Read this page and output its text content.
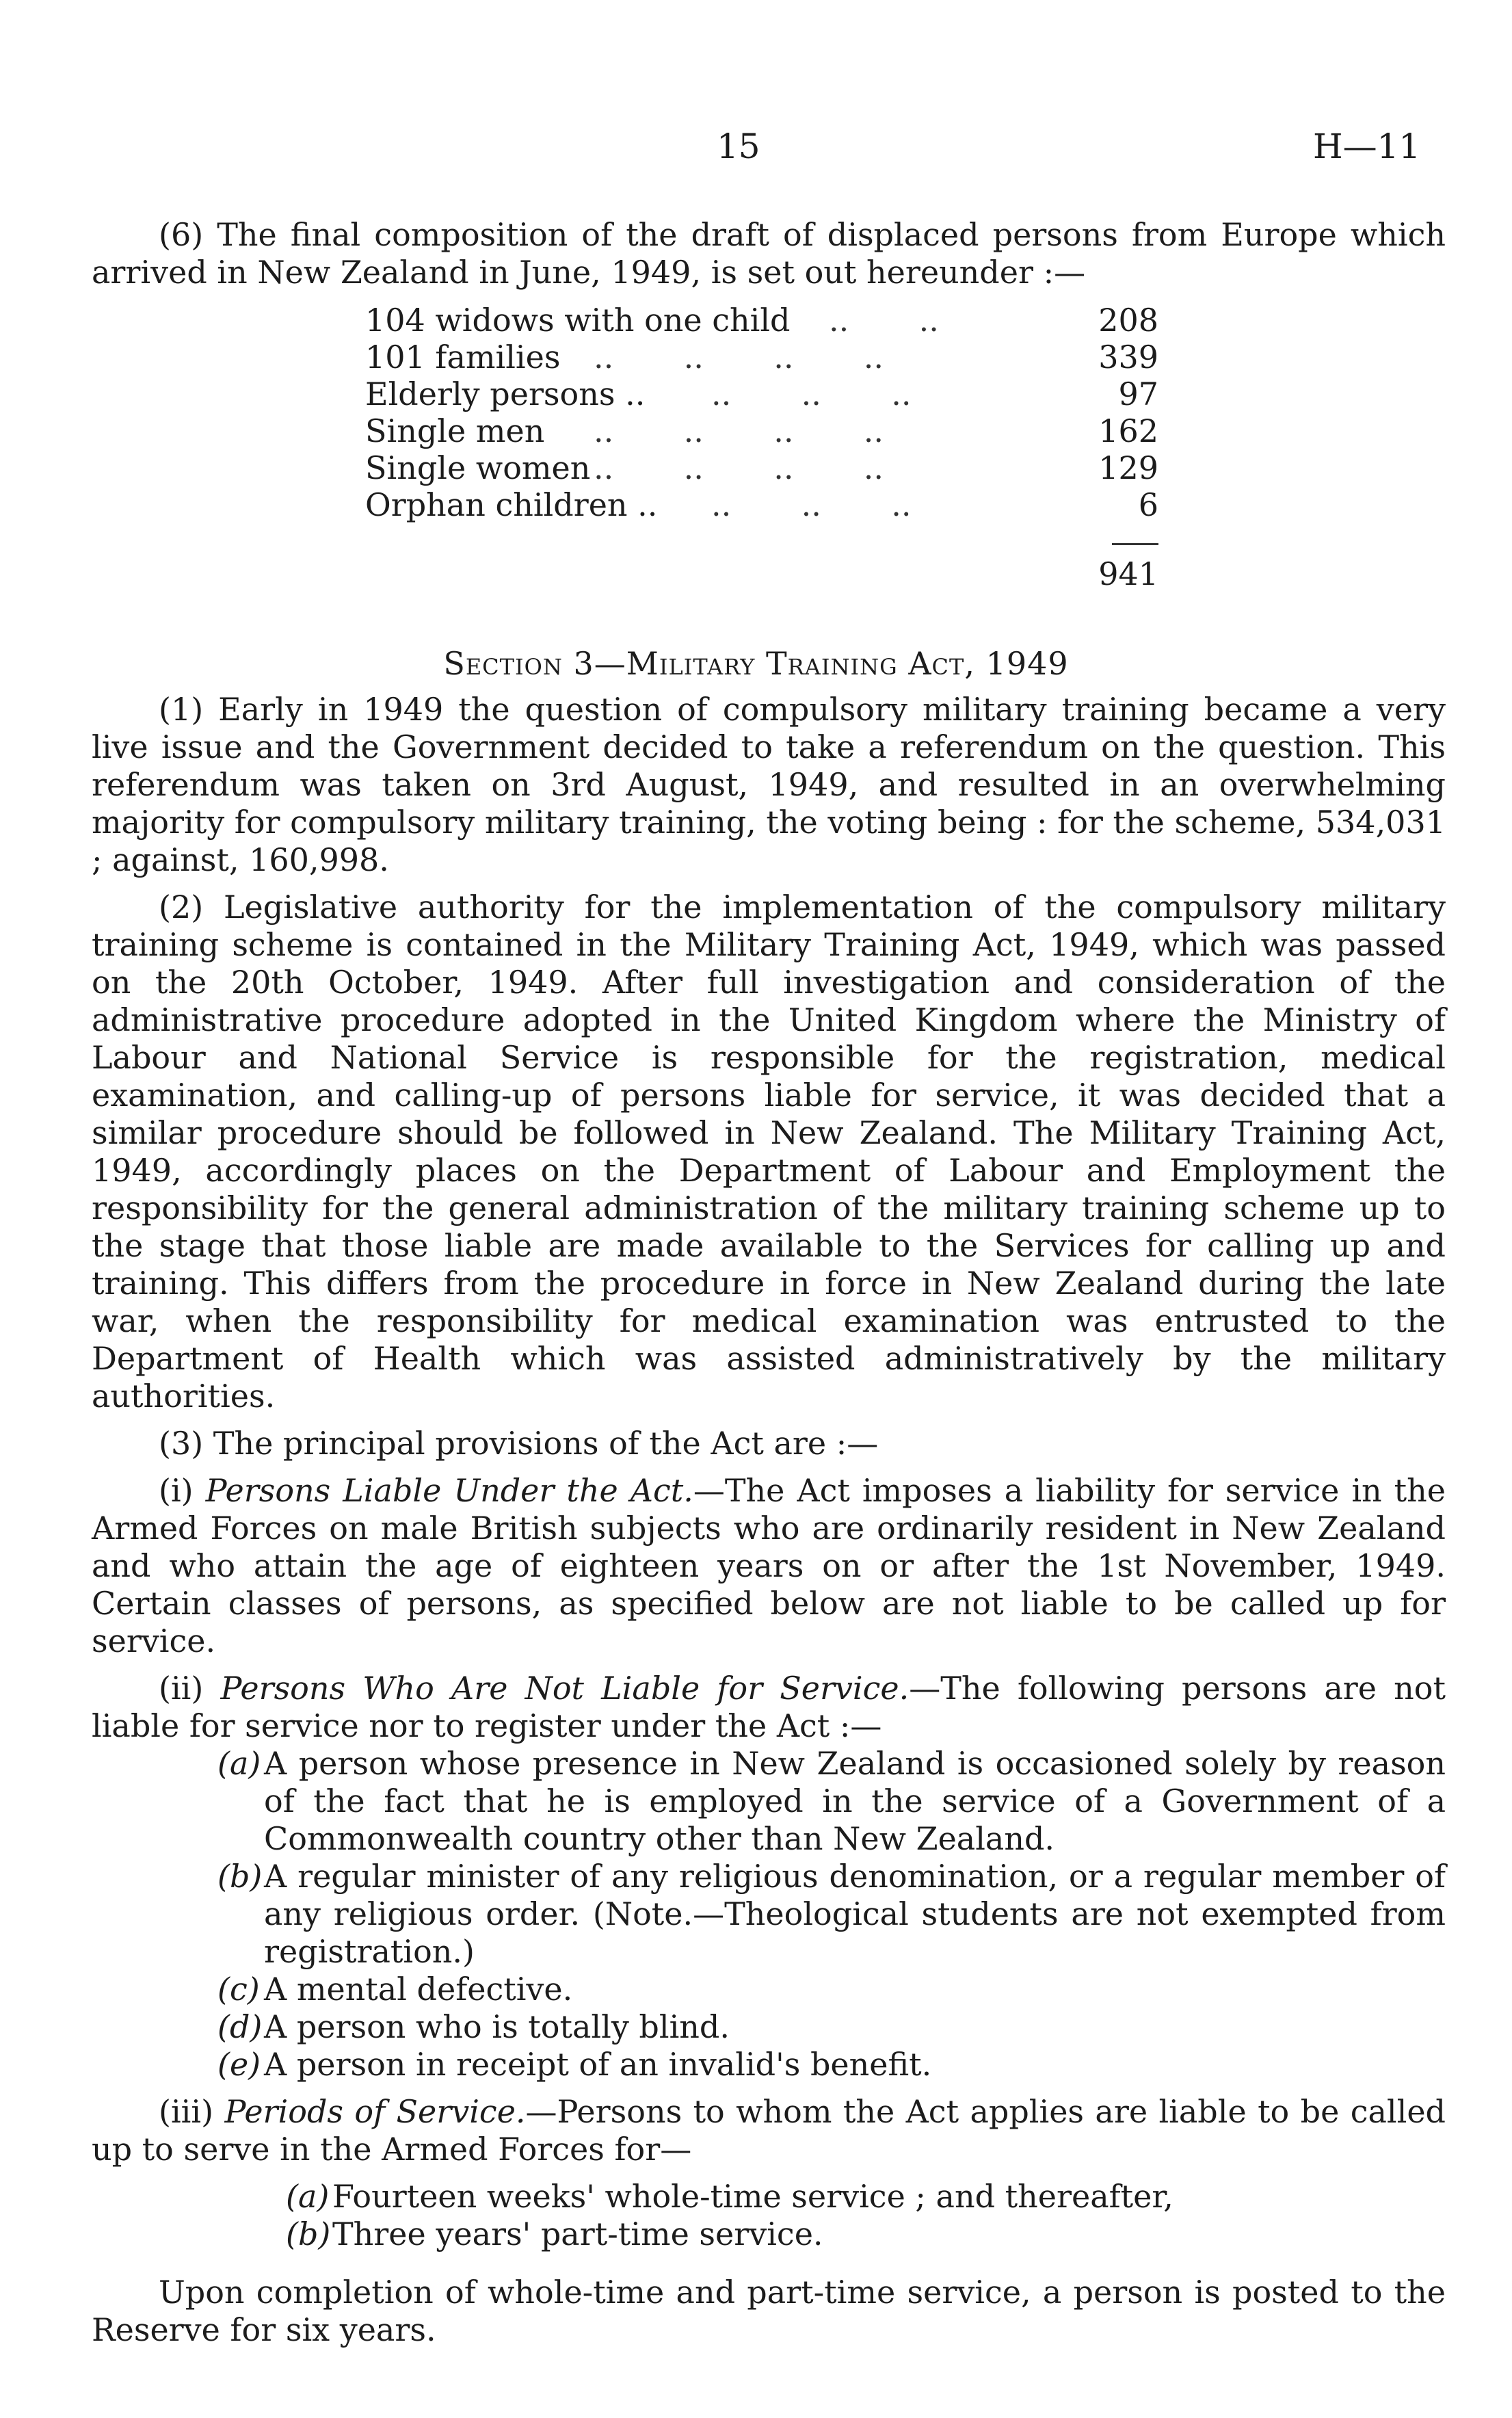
15	H—11

(6) The final composition of the draft of displaced persons from Europe which arrived in New Zealand in June, 1949, is set out hereunder :—

104 widows with one child ..       ..	208
101 families ..       ..       ..       ..	339
Elderly persons .. ..       ..       ..	97
Single men ..       ..       ..       ..	162
Single women ..       ..       ..       ..	129
Orphan children .. ..       ..       ..	6
941
Section 3—Military Training Act, 1949

(1) Early in 1949 the question of compulsory military training became a very live issue and the Government decided to take a referendum on the question. This referendum was taken on 3rd August, 1949, and resulted in an overwhelming majority for compulsory military training, the voting being : for the scheme, 534,031 ; against, 160,998.

(2) Legislative authority for the implementation of the compulsory military training scheme is contained in the Military Training Act, 1949, which was passed on the 20th October, 1949. After full investigation and consideration of the administrative procedure adopted in the United Kingdom where the Ministry of Labour and National Service is responsible for the registration, medical examination, and calling-up of persons liable for service, it was decided that a similar procedure should be followed in New Zealand. The Military Training Act, 1949, accordingly places on the Department of Labour and Employment the responsibility for the general administration of the military training scheme up to the stage that those liable are made available to the Services for calling up and training. This differs from the procedure in force in New Zealand during the late war, when the responsibility for medical examination was entrusted to the Department of Health which was assisted administratively by the military authorities.

(3) The principal provisions of the Act are :—

(i) Persons Liable Under the Act.—The Act imposes a liability for service in the Armed Forces on male British subjects who are ordinarily resident in New Zealand and who attain the age of eighteen years on or after the 1st November, 1949. Certain classes of persons, as specified below are not liable to be called up for service.

(ii) Persons Who Are Not Liable for Service.—The following persons are not liable for service nor to register under the Act :—

(a) A person whose presence in New Zealand is occasioned solely by reason of the fact that he is employed in the service of a Government of a Commonwealth country other than New Zealand.

(b)A regular minister of any religious denomination, or a regular member of any religious order. (Note.—Theological students are not exempted from registration.)

(c) A mental defective.

(d)A person who is totally blind.

(e) A person in receipt of an invalid's benefit.

(iii) Periods of Service.—Persons to whom the Act applies are liable to be called up to serve in the Armed Forces for—

(a) Fourteen weeks' whole-time service ; and thereafter,

(b)Three years' part-time service.

Upon completion of whole-time and part-time service, a person is posted to the Reserve for six years.
